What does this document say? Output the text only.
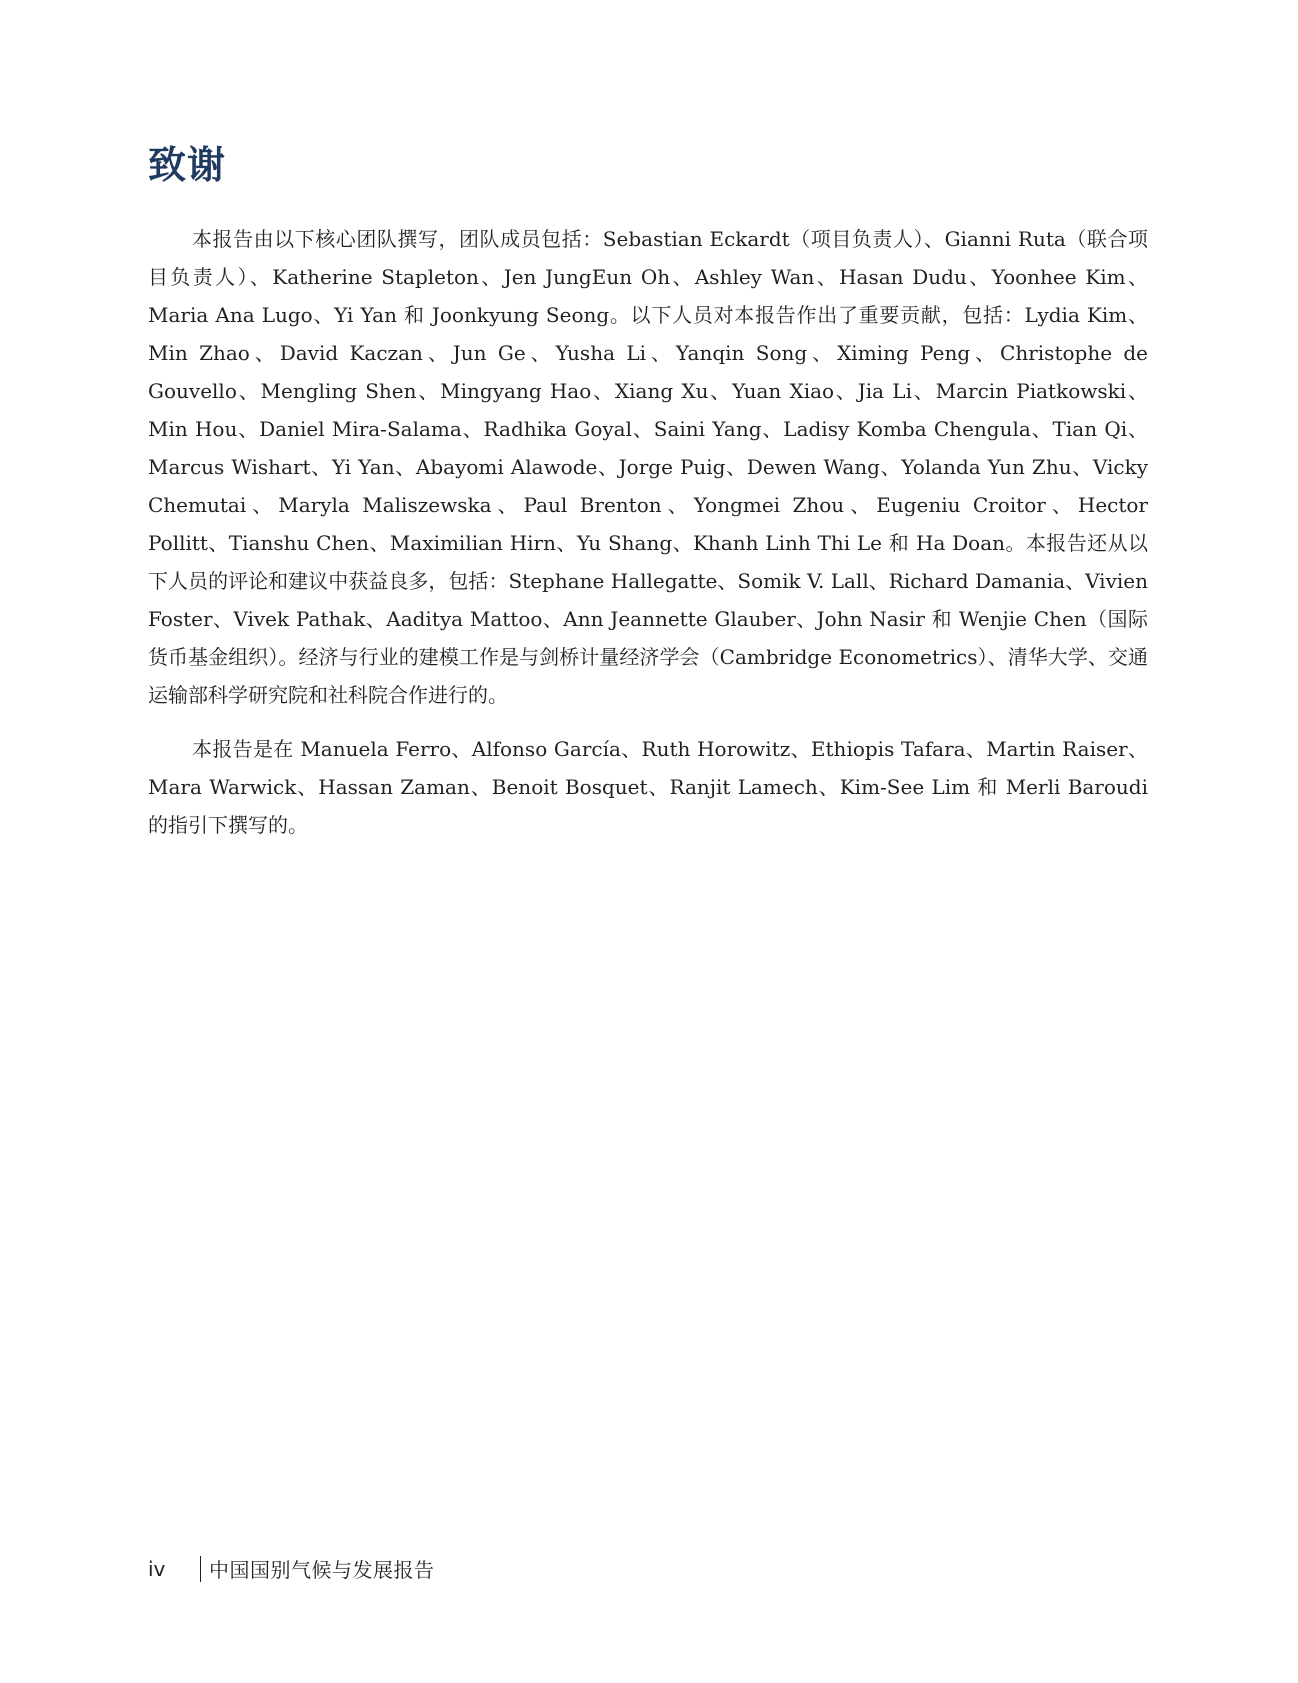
致谢

本报告由以下核心团队撰写，团队成员包括：Sebastian Eckardt（项目负责人）、Gianni Ruta（联合项目负责人）、Katherine Stapleton、Jen JungEun Oh、Ashley Wan、Hasan Dudu、Yoonhee Kim、Maria Ana Lugo、Yi Yan 和 Joonkyung Seong。以下人员对本报告作出了重要贡献，包括：Lydia Kim、Min Zhao、David Kaczan、Jun Ge、Yusha Li、Yanqin Song、Ximing Peng、Christophe de Gouvello、Mengling Shen、Mingyang Hao、Xiang Xu、Yuan Xiao、Jia Li、Marcin Piatkowski、Min Hou、Daniel Mira-Salama、Radhika Goyal、Saini Yang、Ladisy Komba Chengula、Tian Qi、Marcus Wishart、Yi Yan、Abayomi Alawode、Jorge Puig、Dewen Wang、Yolanda Yun Zhu、Vicky Chemutai、Maryla Maliszewska、Paul Brenton、Yongmei Zhou、Eugeniu Croitor、Hector Pollitt、Tianshu Chen、Maximilian Hirn、Yu Shang、Khanh Linh Thi Le 和 Ha Doan。本报告还从以下人员的评论和建议中获益良多，包括：Stephane Hallegatte、Somik V. Lall、Richard Damania、Vivien Foster、Vivek Pathak、Aaditya Mattoo、Ann Jeannette Glauber、John Nasir 和 Wenjie Chen（国际货币基金组织）。经济与行业的建模工作是与剑桥计量经济学会（Cambridge Econometrics）、清华大学、交通运输部科学研究院和社科院合作进行的。

本报告是在 Manuela Ferro、Alfonso García、Ruth Horowitz、Ethiopis Tafara、Martin Raiser、Mara Warwick、Hassan Zaman、Benoit Bosquet、Ranjit Lamech、Kim-See Lim 和 Merli Baroudi 的指引下撰写的。

iv	中国国别气候与发展报告
